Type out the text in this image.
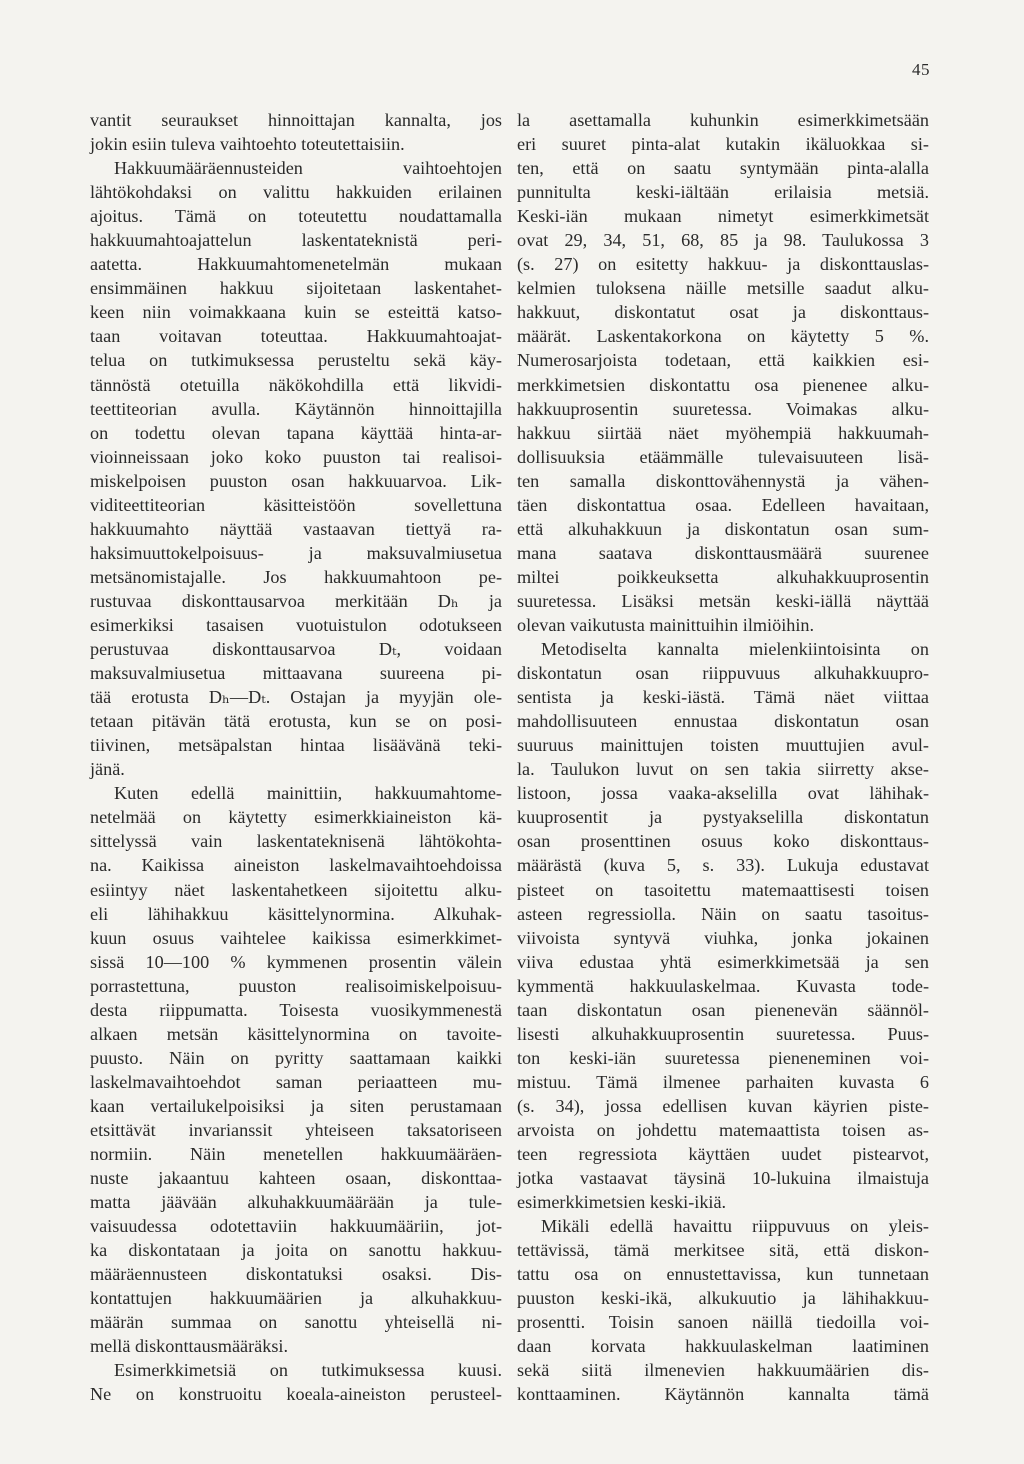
45
vantit seuraukset hinnoittajan kannalta, jos
jokin esiin tuleva vaihtoehto toteutettaisiin.
Hakkuumääräennusteiden vaihtoehtojen
lähtökohdaksi on valittu hakkuiden erilainen
ajoitus. Tämä on toteutettu noudattamalla
hakkuumahtoajattelun laskentateknistä peri-
aatetta. Hakkuumahtomenetelmän mukaan
ensimmäinen hakkuu sijoitetaan laskentahet-
keen niin voimakkaana kuin se esteittä katso-
taan voitavan toteuttaa. Hakkuumahtoajat-
telua on tutkimuksessa perusteltu sekä käy-
tännöstä otetuilla näkökohdilla että likvidi-
teettiteorian avulla. Käytännön hinnoittajilla
on todettu olevan tapana käyttää hinta-ar-
vioinneissaan joko koko puuston tai realisoi-
miskelpoisen puuston osan hakkuuarvoa. Lik-
viditeettiteorian käsitteistöön sovellettuna
hakkuumahto näyttää vastaavan tiettyä ra-
haksimuuttokelpoisuus- ja maksuvalmiusetua
metsänomistajalle. Jos hakkuumahtoon pe-
rustuvaa diskonttausarvoa merkitään Dₕ ja
esimerkiksi tasaisen vuotuistulon odotukseen
perustuvaa diskonttausarvoa Dₜ, voidaan
maksuvalmiusetua mittaavana suureena pi-
tää erotusta Dₕ—Dₜ. Ostajan ja myyjän ole-
tetaan pitävän tätä erotusta, kun se on posi-
tiivinen, metsäpalstan hintaa lisäävänä teki-
jänä.
Kuten edellä mainittiin, hakkuumahtome-
netelmää on käytetty esimerkkiaineiston kä-
sittelyssä vain laskentateknisenä lähtökohta-
na. Kaikissa aineiston laskelmavaihtoehdoissa
esiintyy näet laskentahetkeen sijoitettu alku-
eli lähihakkuu käsittelynormina. Alkuhak-
kuun osuus vaihtelee kaikissa esimerkkimet-
sissä 10—100 % kymmenen prosentin välein
porrastettuna, puuston realisoimiskelpoisuu-
desta riippumatta. Toisesta vuosikymmenestä
alkaen metsän käsittelynormina on tavoite-
puusto. Näin on pyritty saattamaan kaikki
laskelmavaihtoehdot saman periaatteen mu-
kaan vertailukelpoisiksi ja siten perustamaan
etsittävät invarianssit yhteiseen taksatoriseen
normiin. Näin menetellen hakkuumääräen-
nuste jakaantuu kahteen osaan, diskonttaa-
matta jäävään alkuhakkuumäärään ja tule-
vaisuudessa odotettaviin hakkuumääriin, jot-
ka diskontataan ja joita on sanottu hakkuu-
määräennusteen diskontatuksi osaksi. Dis-
kontattujen hakkuumäärien ja alkuhakkuu-
määrän summaa on sanottu yhteisellä ni-
mellä diskonttausmääräksi.
Esimerkkimetsiä on tutkimuksessa kuusi.
Ne on konstruoitu koeala-aineiston perusteel-
la asettamalla kuhunkin esimerkkimetsään
eri suuret pinta-alat kutakin ikäluokkaa si-
ten, että on saatu syntymään pinta-alalla
punnitulta keski-iältään erilaisia metsiä.
Keski-iän mukaan nimetyt esimerkkimetsät
ovat 29, 34, 51, 68, 85 ja 98. Taulukossa 3
(s. 27) on esitetty hakkuu- ja diskonttauslas-
kelmien tuloksena näille metsille saadut alku-
hakkuut, diskontatut osat ja diskonttaus-
määrät. Laskentakorkona on käytetty 5 %.
Numerosarjoista todetaan, että kaikkien esi-
merkkimetsien diskontattu osa pienenee alku-
hakkuuprosentin suuretessa. Voimakas alku-
hakkuu siirtää näet myöhempiä hakkuumah-
dollisuuksia etäämmälle tulevaisuuteen lisä-
ten samalla diskonttovähennystä ja vähen-
täen diskontattua osaa. Edelleen havaitaan,
että alkuhakkuun ja diskontatun osan sum-
mana saatava diskonttausmäärä suurenee
miltei poikkeuksetta alkuhakkuuprosentin
suuretessa. Lisäksi metsän keski-iällä näyttää
olevan vaikutusta mainittuihin ilmiöihin.
Metodiselta kannalta mielenkiintoisinta on
diskontatun osan riippuvuus alkuhakkuupro-
sentista ja keski-iästä. Tämä näet viittaa
mahdollisuuteen ennustaa diskontatun osan
suuruus mainittujen toisten muuttujien avul-
la. Taulukon luvut on sen takia siirretty akse-
listoon, jossa vaaka-akselilla ovat lähihak-
kuuprosentit ja pystyakselilla diskontatun
osan prosenttinen osuus koko diskonttaus-
määrästä (kuva 5, s. 33). Lukuja edustavat
pisteet on tasoitettu matemaattisesti toisen
asteen regressiolla. Näin on saatu tasoitus-
viivoista syntyvä viuhka, jonka jokainen
viiva edustaa yhtä esimerkkimetsää ja sen
kymmentä hakkuulaskelmaa. Kuvasta tode-
taan diskontatun osan pienenevän säännöl-
lisesti alkuhakkuuprosentin suuretessa. Puus-
ton keski-iän suuretessa pieneneminen voi-
mistuu. Tämä ilmenee parhaiten kuvasta 6
(s. 34), jossa edellisen kuvan käyrien piste-
arvoista on johdettu matemaattista toisen as-
teen regressiota käyttäen uudet pistearvot,
jotka vastaavat täysinä 10-lukuina ilmaistuja
esimerkkimetsien keski-ikiä.
Mikäli edellä havaittu riippuvuus on yleis-
tettävissä, tämä merkitsee sitä, että diskon-
tattu osa on ennustettavissa, kun tunnetaan
puuston keski-ikä, alkukuutio ja lähihakkuu-
prosentti. Toisin sanoen näillä tiedoilla voi-
daan korvata hakkuulaskelman laatiminen
sekä siitä ilmenevien hakkuumäärien dis-
konttaaminen. Käytännön kannalta tämä
